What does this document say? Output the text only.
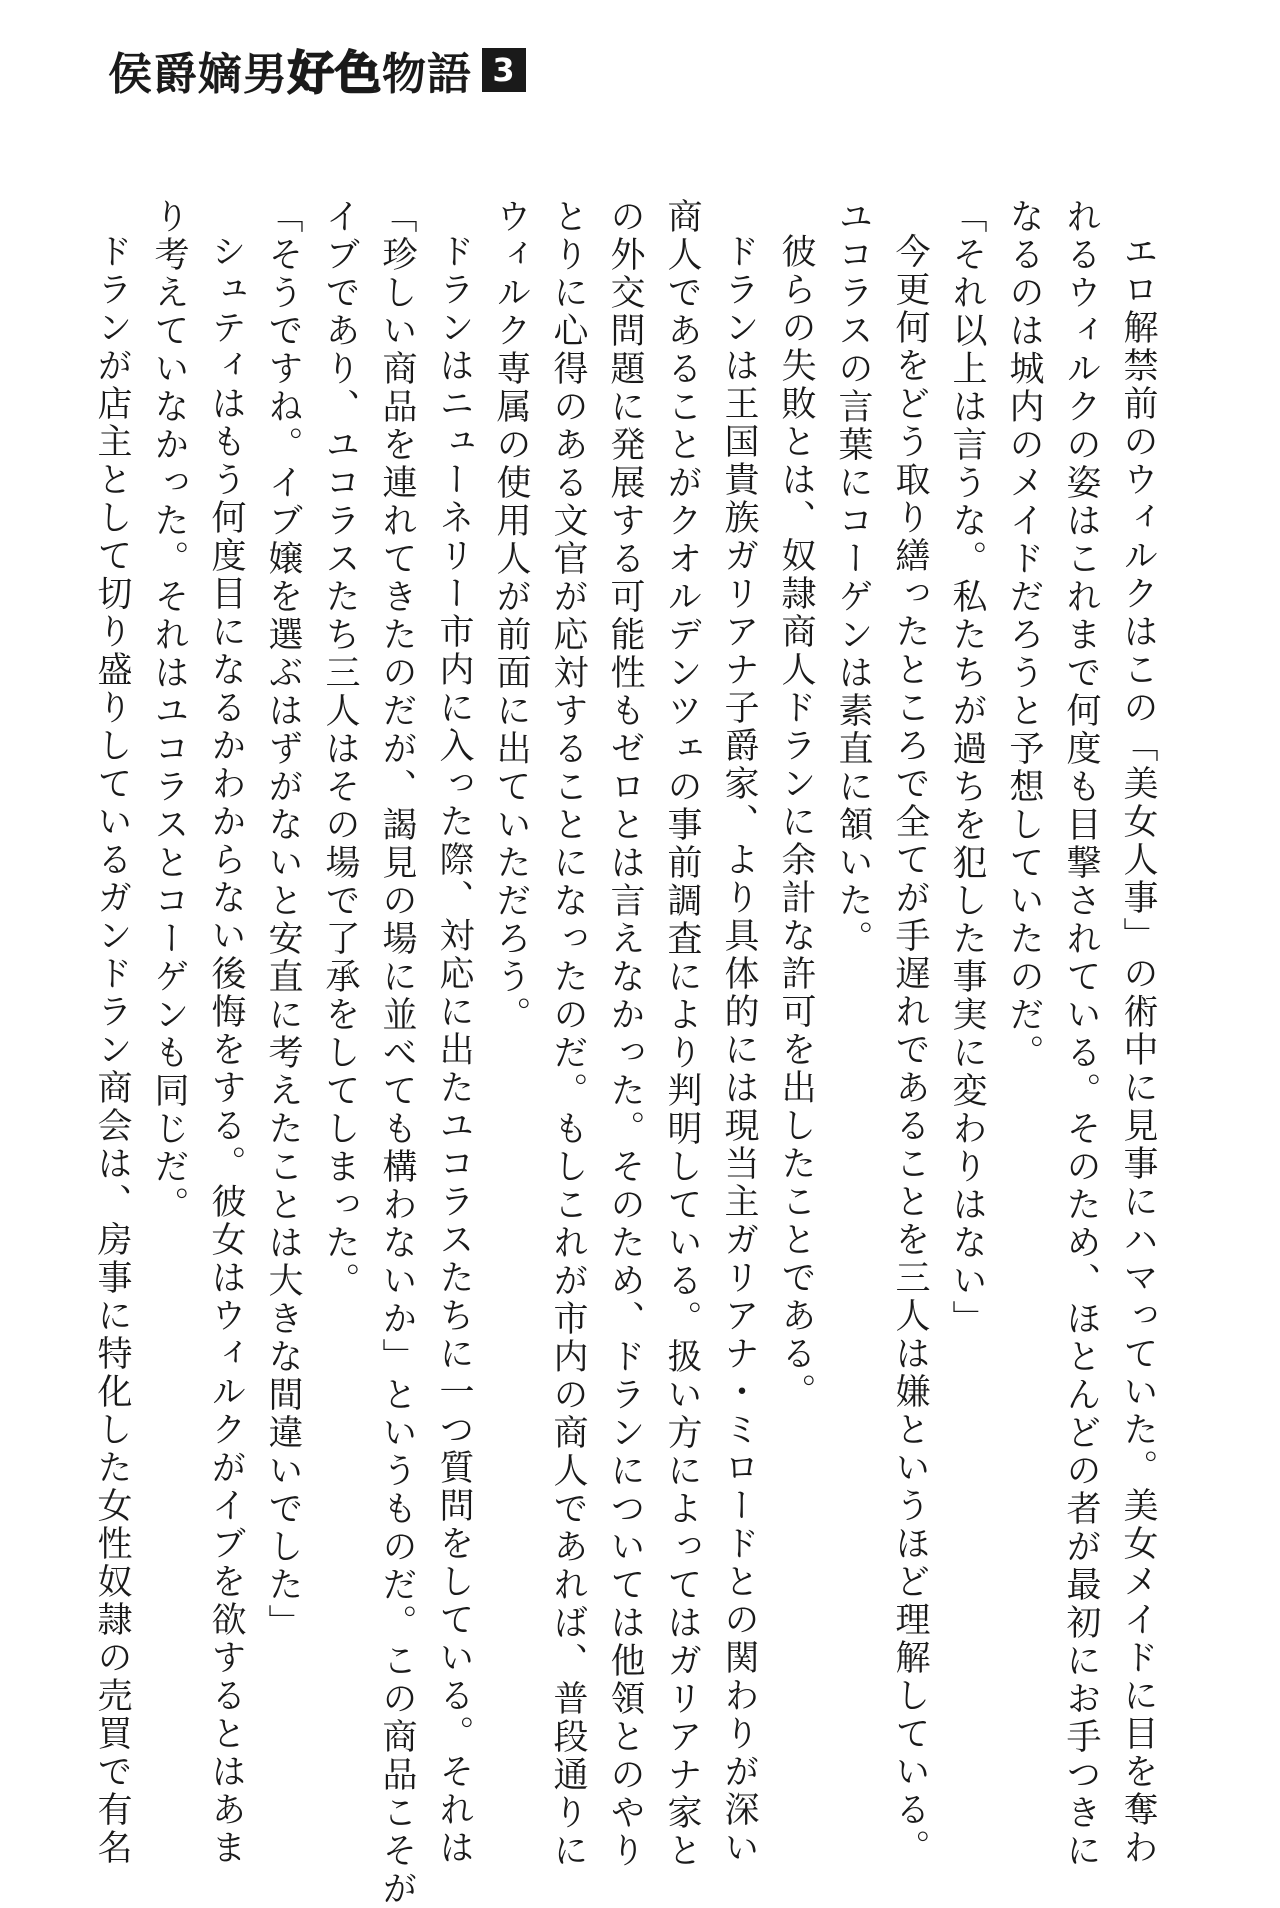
侯爵嫡男 好色 物語 3
エロ解禁前のウィルクはこの「美女人事」の術中に見事にハマっていた。美女メイドに目を奪わ
れるウィルクの姿はこれまで何度も目撃されている。そのため、ほとんどの者が最初にお手つきに
なるのは城内のメイドだろうと予想していたのだ。
「それ以上は言うな。私たちが過ちを犯した事実に変わりはない」
今更何をどう取り繕ったところで全てが手遅れであることを三人は嫌というほど理解している。
ユコラスの言葉にコーゲンは素直に頷いた。
彼らの失敗とは、奴隷商人ドランに余計な許可を出したことである。
ドランは王国貴族ガリアナ子爵家、より具体的には現当主ガリアナ・ミロードとの関わりが深い
商人であることがクオルデンツェの事前調査により判明している。扱い方によってはガリアナ家と
の外交問題に発展する可能性もゼロとは言えなかった。そのため、ドランについては他領とのやり
とりに心得のある文官が応対することになったのだ。もしこれが市内の商人であれば、普段通りに
ウィルク専属の使用人が前面に出ていただろう。
ドランはニューネリー市内に入った際、対応に出たユコラスたちに一つ質問をしている。それは
「珍しい商品を連れてきたのだが、謁見の場に並べても構わないか」というものだ。この商品こそが
イブであり、ユコラスたち三人はその場で了承をしてしまった。
「そうですね。イブ嬢を選ぶはずがないと安直に考えたことは大きな間違いでした」
シュティはもう何度目になるかわからない後悔をする。彼女はウィルクがイブを欲するとはあま
り考えていなかった。それはユコラスとコーゲンも同じだ。
ドランが店主として切り盛りしているガンドラン商会は、房事に特化した女性奴隷の売買で有名
